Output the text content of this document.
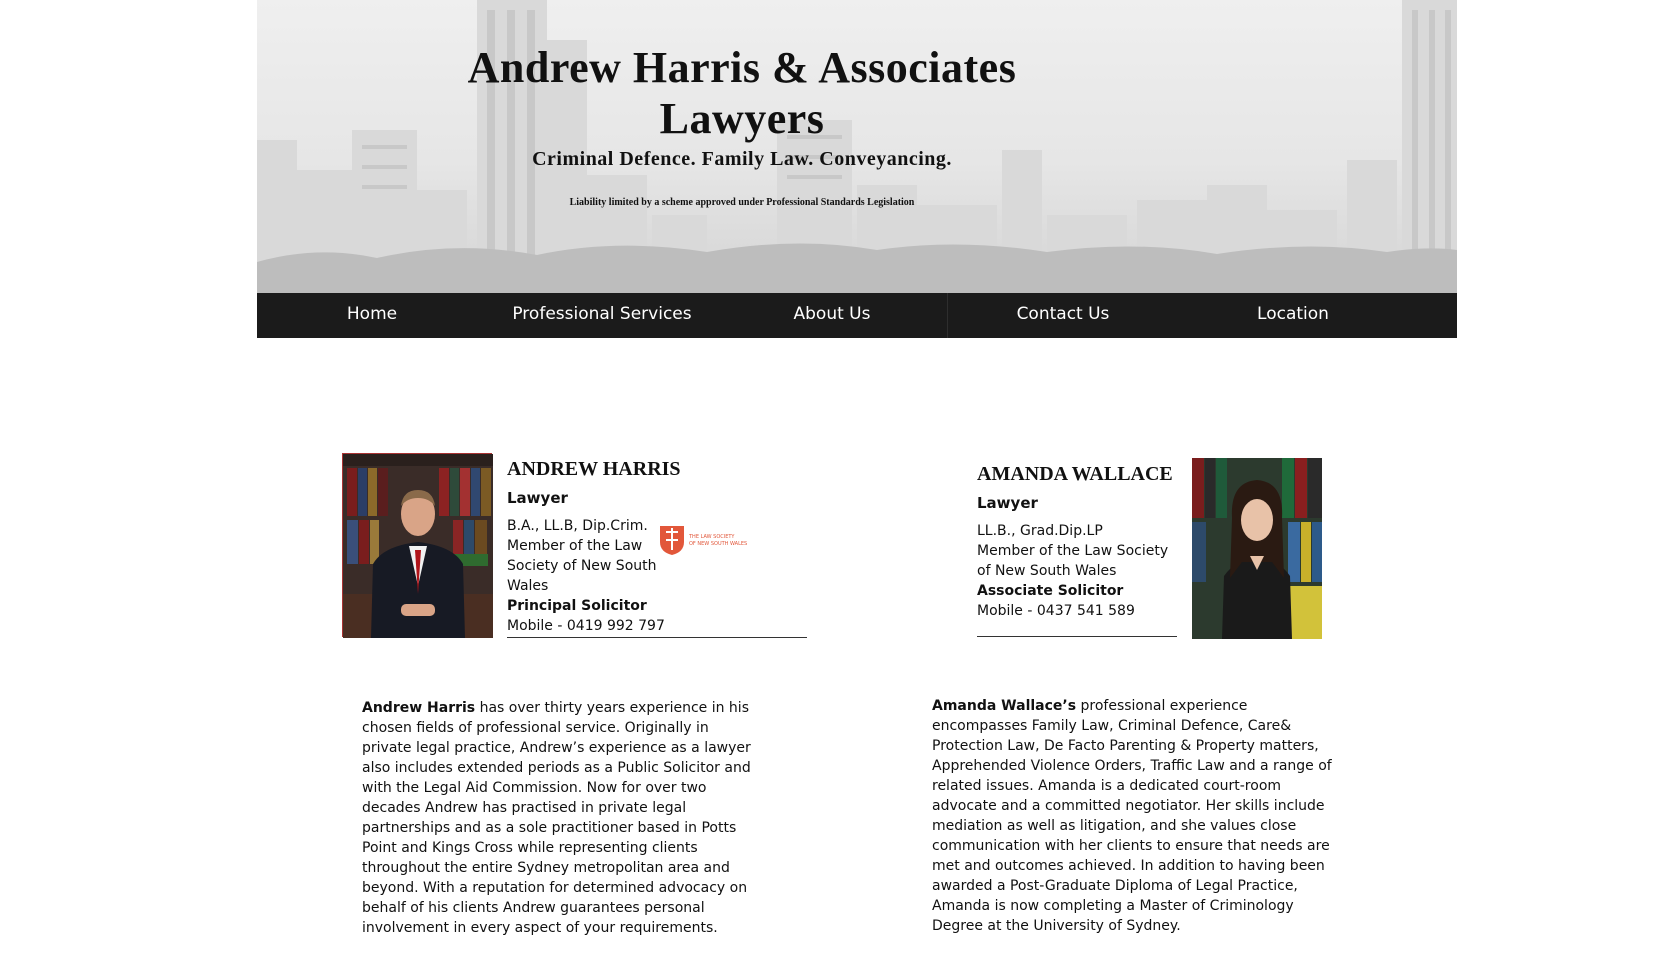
Andrew Harris & Associates
Lawyers
Criminal Defence. Family Law. Conveyancing.
Liability limited by a scheme approved under Professional Standards Legislation
Home	Professional Services	About Us	Contact Us	Location
ANDREW HARRIS
Lawyer
B.A., LL.B, Dip.Crim.
Member of the Law Society of New South Wales
Principal Solicitor
Mobile - 0419 992 797
THE LAW SOCIETY
OF NEW SOUTH WALES
AMANDA WALLACE
Lawyer
LL.B., Grad.Dip.LP
Member of the Law Society of New South Wales
Associate Solicitor
Mobile - 0437 541 589
Andrew Harris has over thirty years experience in his chosen fields of professional service. Originally in private legal practice, Andrew’s experience as a lawyer also includes extended periods as a Public Solicitor and with the Legal Aid Commission. Now for over two decades Andrew has practised in private legal partnerships and as a sole practitioner based in Potts Point and Kings Cross while representing clients throughout the entire Sydney metropolitan area and beyond. With a reputation for determined advocacy on behalf of his clients Andrew guarantees personal involvement in every aspect of your requirements.
Amanda Wallace’s professional experience encompasses Family Law, Criminal Defence, Care& Protection Law, De Facto Parenting & Property matters, Apprehended Violence Orders, Traffic Law and a range of related issues. Amanda is a dedicated court-room advocate and a committed negotiator. Her skills include mediation as well as litigation, and she values close communication with her clients to ensure that needs are met and outcomes achieved. In addition to having been awarded a Post-Graduate Diploma of Legal Practice, Amanda is now completing a Master of Criminology Degree at the University of Sydney.
